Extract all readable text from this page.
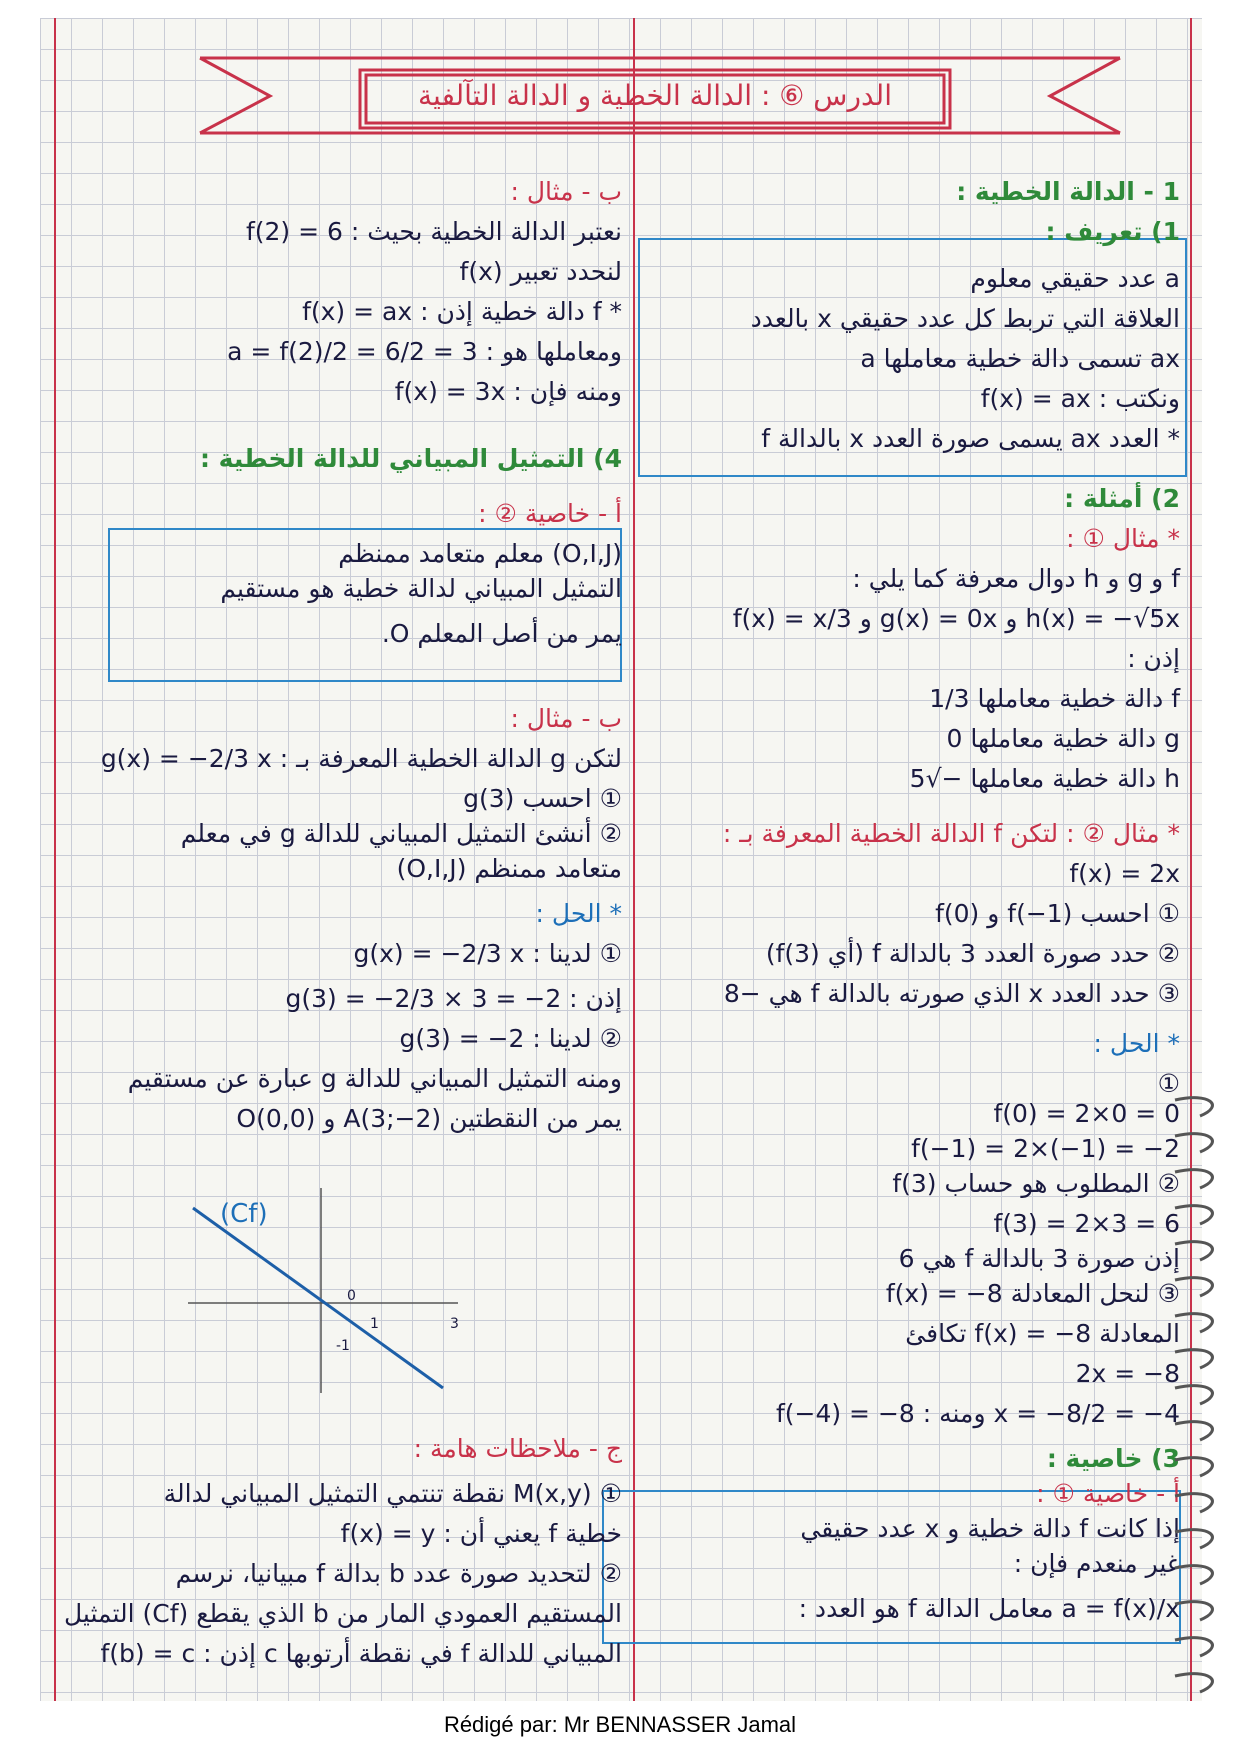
الدرس ⑥ : الدالة الخطية و الدالة التآلفية
1 - الدالة الخطية :
1) تعريف :
a عدد حقيقي معلوم
العلاقة التي تربط كل عدد حقيقي x بالعدد
ax تسمى دالة خطية معاملها a
ونكتب : f(x) = ax
* العدد ax يسمى صورة العدد x بالدالة f
2) أمثلة :
* مثال ① :
f و g و h دوال معرفة كما يلي :
h(x) = −√5x و g(x) = 0x و f(x) = x/3
إذن :
f دالة خطية معاملها 1/3
g دالة خطية معاملها 0
h دالة خطية معاملها −√5
* مثال ② : لتكن f الدالة الخطية المعرفة بـ :
f(x) = 2x
① احسب f(−1) و f(0)
② حدد صورة العدد 3 بالدالة f (أي f(3))
③ حدد العدد x الذي صورته بالدالة f هي −8
* الحل :
①
f(0) = 2×0 = 0
f(−1) = 2×(−1) = −2
② المطلوب هو حساب f(3)
f(3) = 2×3 = 6
إذن صورة 3 بالدالة f هي 6
③ لنحل المعادلة f(x) = −8
المعادلة f(x) = −8 تكافئ
2x = −8
x = −8/2 = −4 ومنه : f(−4) = −8
3) خاصية :
أ - خاصية ① :
إذا كانت f دالة خطية و x عدد حقيقي
غير منعدم فإن :
a = f(x)/x معامل الدالة f هو العدد :
ب - مثال :
نعتبر الدالة الخطية بحيث : f(2) = 6
لنحدد تعبير f(x)
* f دالة خطية إذن : f(x) = ax
ومعاملها هو : a = f(2)/2 = 6/2 = 3
ومنه فإن : f(x) = 3x
4) التمثيل المبياني للدالة الخطية :
أ - خاصية ② :
(O,I,J) معلم متعامد ممنظم
التمثيل المبياني لدالة خطية هو مستقيم
يمر من أصل المعلم O.
ب - مثال :
لتكن g الدالة الخطية المعرفة بـ : g(x) = −2/3 x
① احسب g(3)
② أنشئ التمثيل المبياني للدالة g في معلم
متعامد ممنظم (O,I,J)
* الحل :
① لدينا : g(x) = −2/3 x
إذن : g(3) = −2/3 × 3 = −2
② لدينا : g(3) = −2
ومنه التمثيل المبياني للدالة g عبارة عن مستقيم
يمر من النقطتين A(3;−2) و O(0,0)
ج - ملاحظات هامة :
① M(x,y) نقطة تنتمي التمثيل المبياني لدالة
خطية f يعني أن : f(x) = y
② لتحديد صورة عدد b بدالة f مبيانيا، نرسم
المستقيم العمودي المار من b الذي يقطع (Cf) التمثيل
المبياني للدالة f في نقطة أرتوبها c إذن : f(b) = c
(Cf)
0
1	3
-1
Rédigé par: Mr BENNASSER Jamal
